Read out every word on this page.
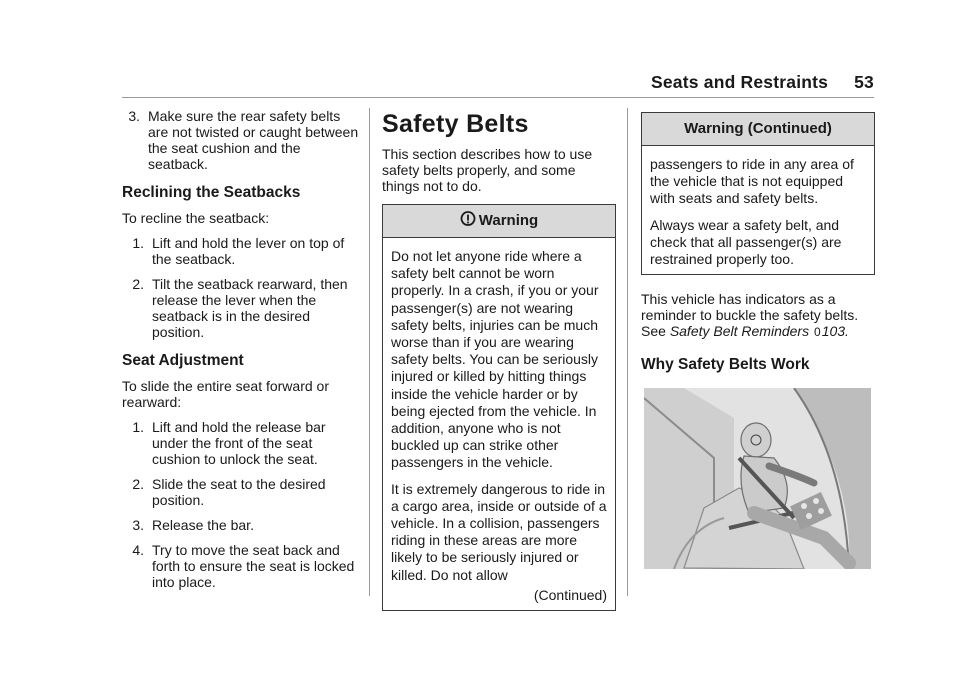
Seats and Restraints 53
3. Make sure the rear safety belts are not twisted or caught between the seat cushion and the seatback.
Reclining the Seatbacks

To recline the seatback:

1. Lift and hold the lever on top of the seatback.
2. Tilt the seatback rearward, then release the lever when the seatback is in the desired position.
Seat Adjustment

To slide the entire seat forward or rearward:

1. Lift and hold the release bar under the front of the seat cushion to unlock the seat.
2. Slide the seat to the desired position.
3. Release the bar.
4. Try to move the seat back and forth to ensure the seat is locked into place.
Safety Belts

This section describes how to use safety belts properly, and some things not to do.

Warning

Do not let anyone ride where a safety belt cannot be worn properly. In a crash, if you or your passenger(s) are not wearing safety belts, injuries can be much worse than if you are wearing safety belts. You can be seriously injured or killed by hitting things inside the vehicle harder or by being ejected from the vehicle. In addition, anyone who is not buckled up can strike other passengers in the vehicle.

It is extremely dangerous to ride in a cargo area, inside or outside of a vehicle. In a collision, passengers riding in these areas are more likely to be seriously injured or killed. Do not allow

(Continued)
Warning (Continued)

passengers to ride in any area of the vehicle that is not equipped with seats and safety belts.

Always wear a safety belt, and check that all passenger(s) are restrained properly too.

This vehicle has indicators as a reminder to buckle the safety belts. See Safety Belt Reminders 0103.

Why Safety Belts Work
